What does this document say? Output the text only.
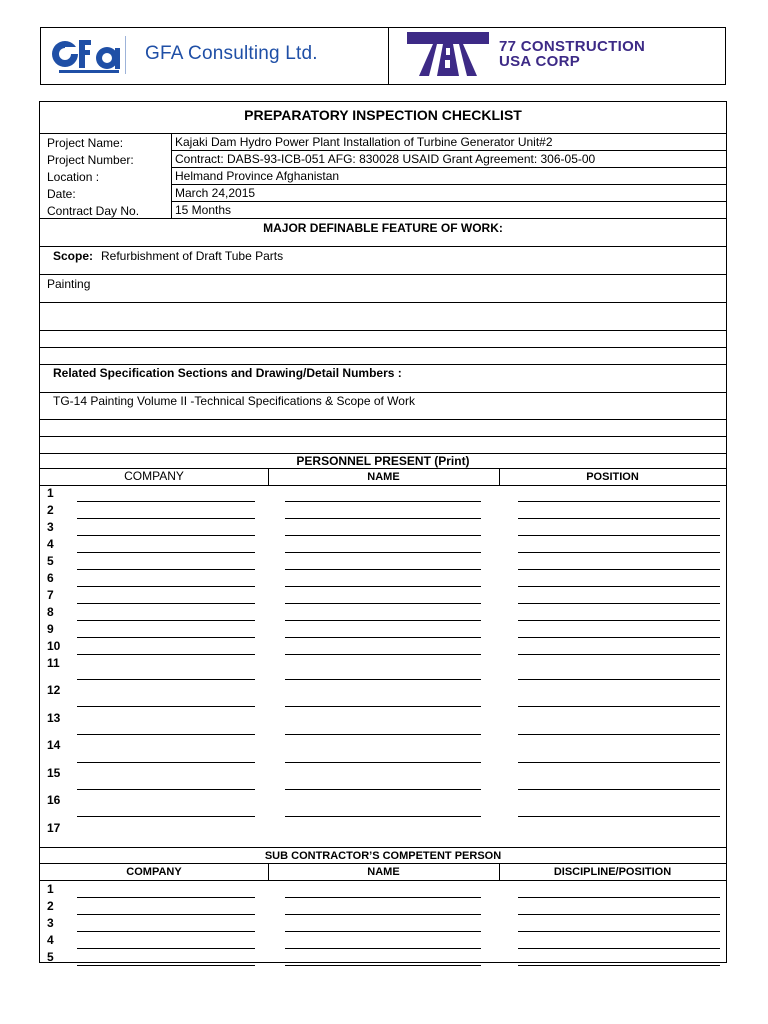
GFA Consulting Ltd.	77 CONSTRUCTION
USA CORP
PREPARATORY INSPECTION CHECKLIST
Project Name:	Kajaki Dam Hydro Power Plant Installation of Turbine Generator Unit#2
Project Number:	Contract: DABS-93-ICB-051 AFG: 830028 USAID Grant Agreement: 306-05-00
Location :	Helmand Province Afghanistan
Date:	March 24,2015
Contract Day No.	15 Months
MAJOR DEFINABLE FEATURE OF WORK:
Scope: Refurbishment of Draft Tube Parts
Painting
Related Specification Sections and Drawing/Detail Numbers :
TG-14 Painting Volume II -Technical Specifications & Scope of Work
PERSONNEL PRESENT (Print)
COMPANY	NAME	POSITION
1
2
3
4
5
6
7
8
9
10
11
12
13
14
15
16
17
SUB CONTRACTOR’S COMPETENT PERSON
COMPANY	NAME	DISCIPLINE/POSITION
1
2
3
4
5
